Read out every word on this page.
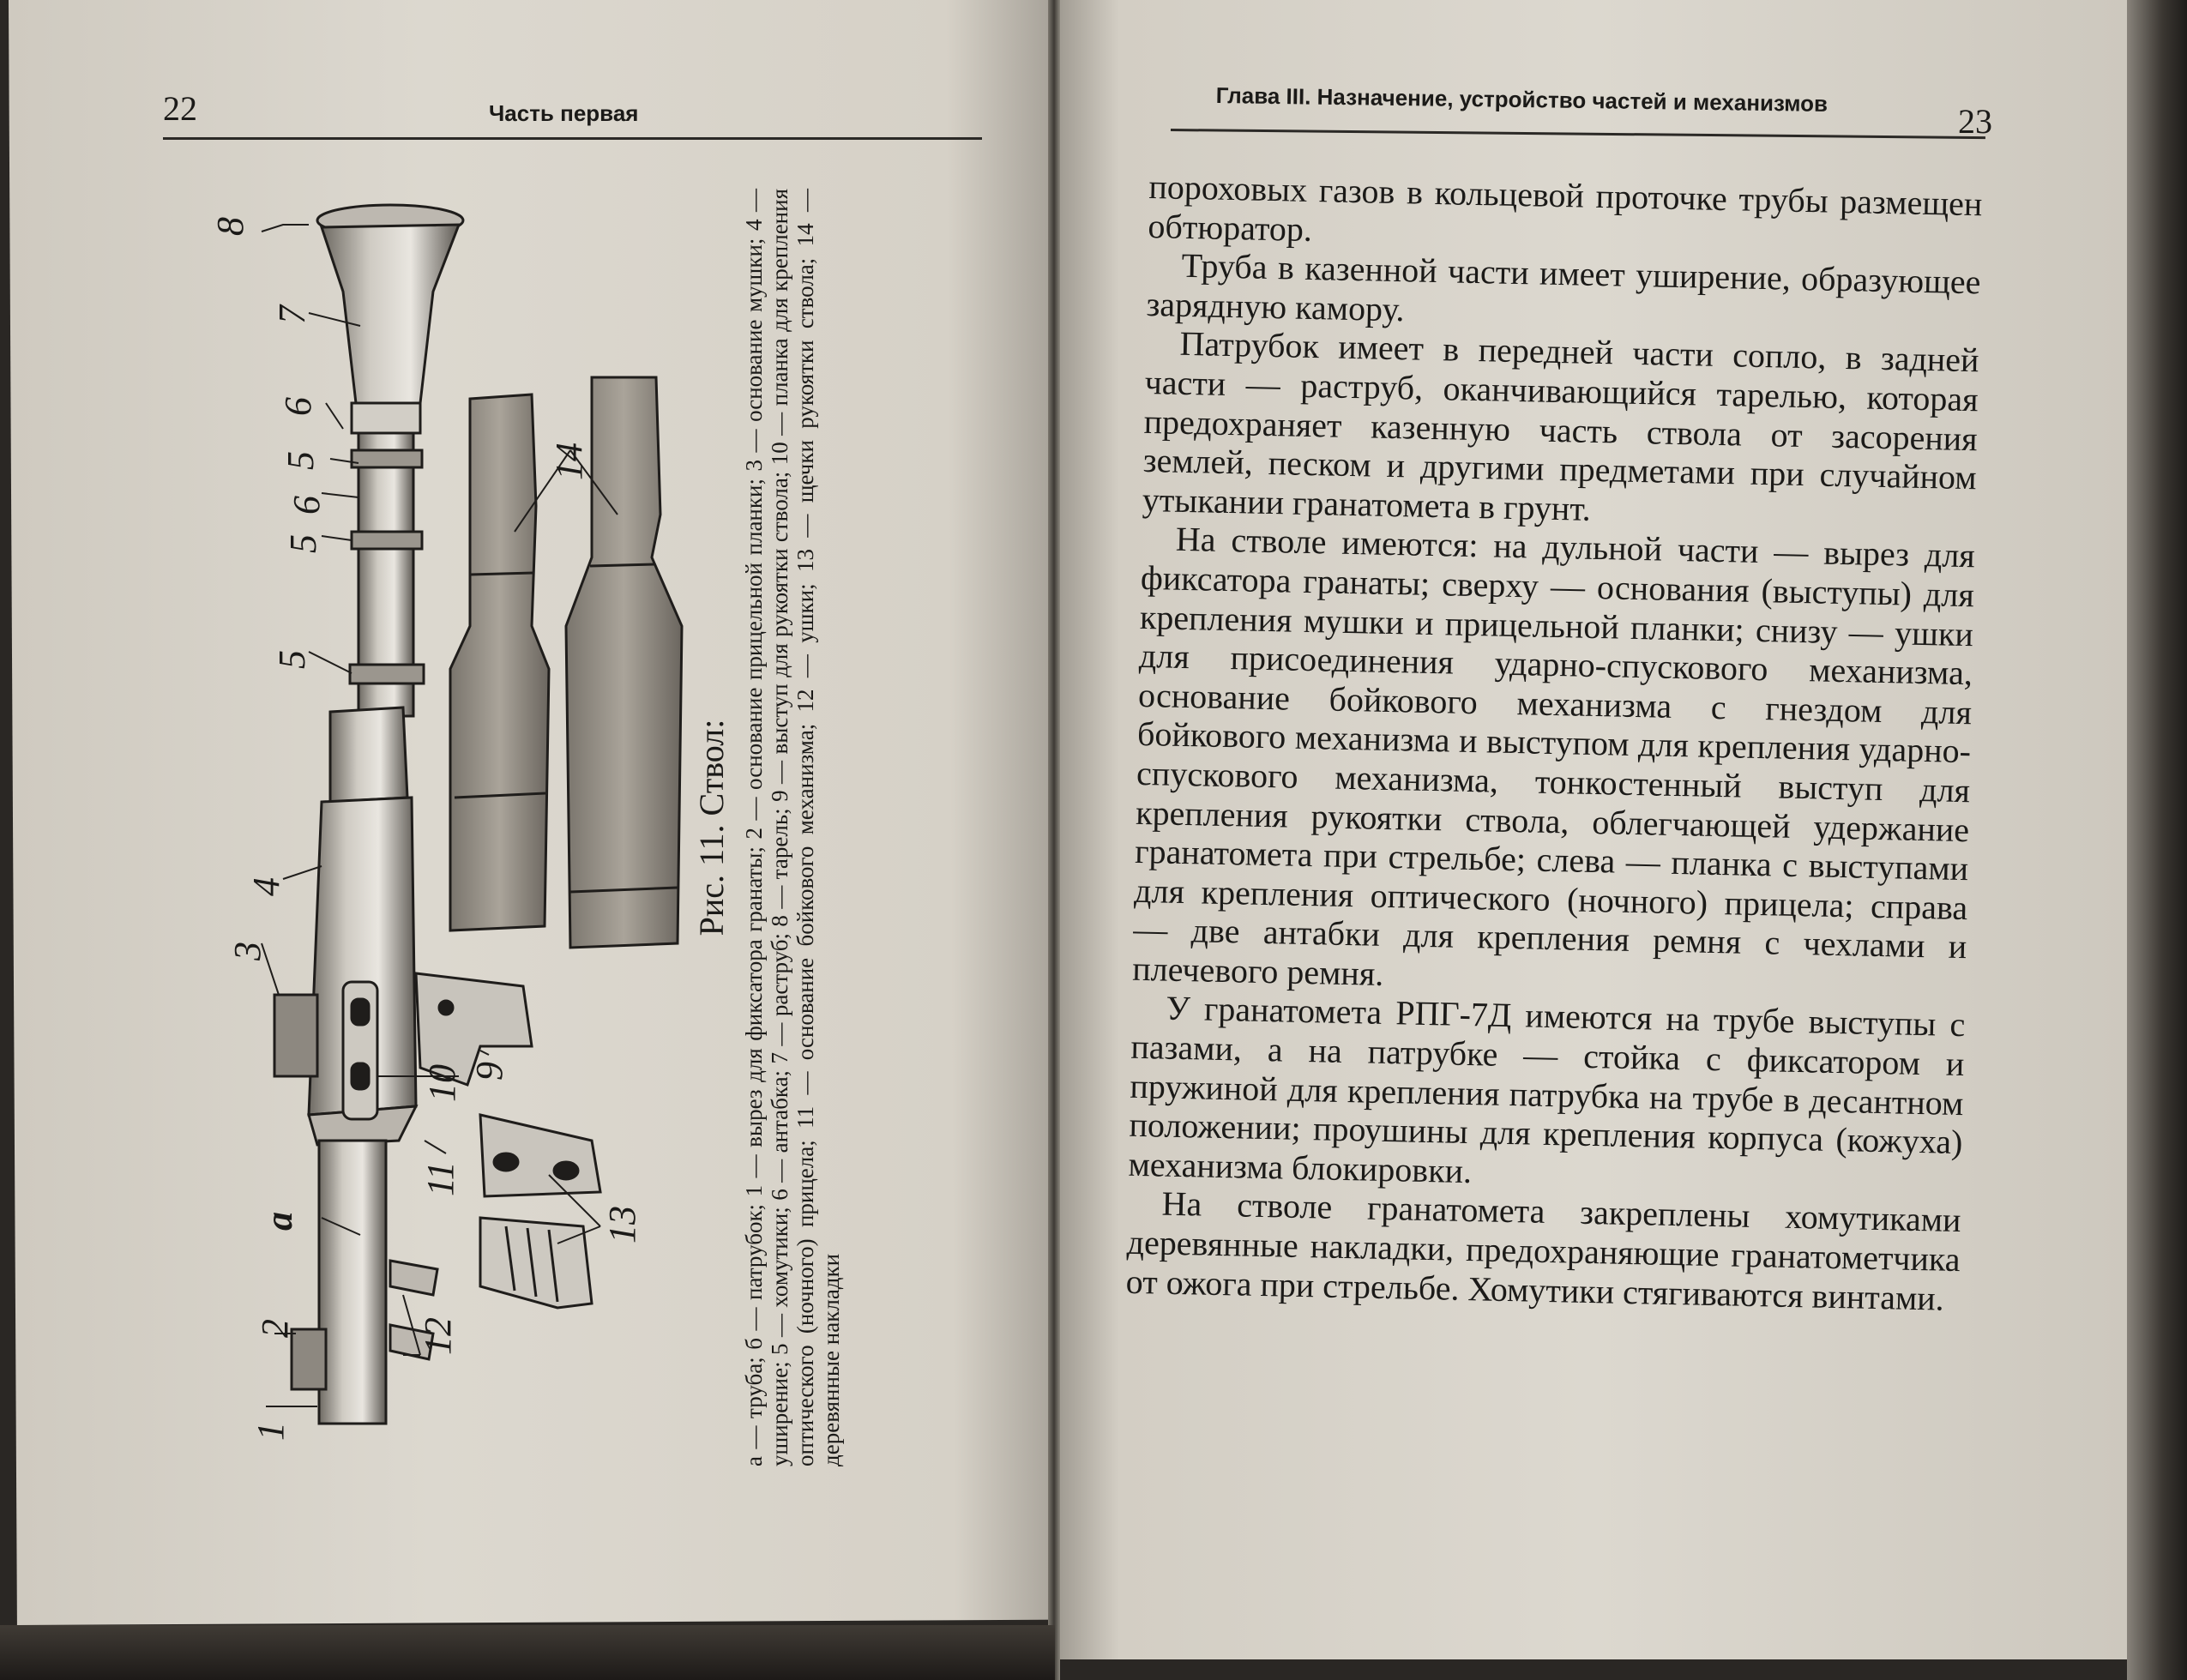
22	Часть первая	Глава III. Назначение, устройство частей и механизмов
23
8
7
6
5
6
5
5
4
3
а
2
1
12
11
10 9
13
14
Рис. 11. Ствол: а — труба; б — патрубок; 1 — вырез для фиксатора гранаты; 2 — основание прицельной планки; 3 — основание мушки; 4 — уширение; 5 — хомутики; 6 — антабка; 7 — раструб; 8 — тарель; 9 — выступ для рукоятки ствола; 10 — планка для крепления оптического (ночного) прицела; 11 — основание бойкового механизма; 12 — ушки; 13 — щечки рукоятки ствола; 14 — деревянные накладки

пороховых газов в кольцевой проточке трубы размещен обтюратор.

Труба в казенной части имеет уширение, образующее зарядную камору.

Патрубок имеет в передней части сопло, в задней части — раструб, оканчивающийся тарелью, которая предохраняет казенную часть ствола от засорения землей, песком и другими предметами при случайном утыкании гранатомета в грунт.

На стволе имеются: на дульной части — вырез для фиксатора гранаты; сверху — основания (выступы) для крепления мушки и прицельной планки; снизу — ушки для присоединения ударно-спускового механизма, основание бойкового механизма с гнездом для бойкового механизма и выступом для крепления ударно-спускового механизма, тонкостенный выступ для крепления рукоятки ствола, облегчающей удержание гранатомета при стрельбе; слева — планка с выступами для крепления оптического (ночного) прицела; справа — две антабки для крепления ремня с чехлами и плечевого ремня.

У гранатомета РПГ-7Д имеются на трубе выступы с пазами, а на патрубке — стойка с фиксатором и пружиной для крепления патрубка на трубе в десантном положении; проушины для крепления корпуса (кожуха) механизма блокировки.

На стволе гранатомета закреплены хомутиками деревянные накладки, предохраняющие гранатометчика от ожога при стрельбе. Хомутики стягиваются винтами.
